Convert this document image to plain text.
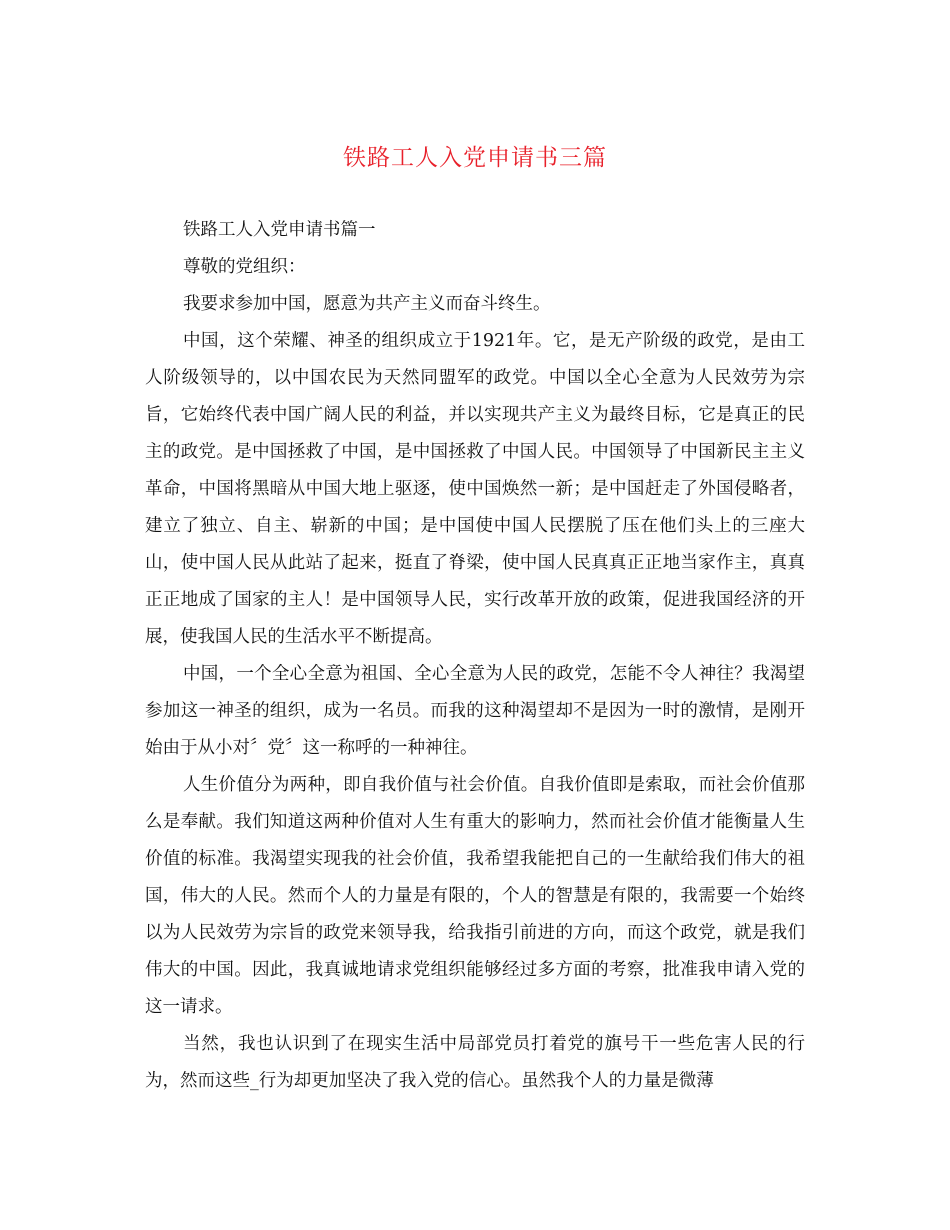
铁路工人入党申请书三篇

铁路工人入党申请书篇一

尊敬的党组织：

我要求参加中国，愿意为共产主义而奋斗终生。

中国，这个荣耀、神圣的组织成立于1921年。它，是无产阶级的政党，是由工人阶级领导的，以中国农民为天然同盟军的政党。中国以全心全意为人民效劳为宗旨，它始终代表中国广阔人民的利益，并以实现共产主义为最终目标，它是真正的民主的政党。是中国拯救了中国，是中国拯救了中国人民。中国领导了中国新民主主义革命，中国将黑暗从中国大地上驱逐，使中国焕然一新；是中国赶走了外国侵略者，建立了独立、自主、崭新的中国；是中国使中国人民摆脱了压在他们头上的三座大山，使中国人民从此站了起来，挺直了脊梁，使中国人民真真正正地当家作主，真真正正地成了国家的主人！是中国领导人民，实行改革开放的政策，促进我国经济的开展，使我国人民的生活水平不断提高。

中国，一个全心全意为祖国、全心全意为人民的政党，怎能不令人神往？我渴望参加这一神圣的组织，成为一名员。而我的这种渴望却不是因为一时的激情，是刚开始由于从小对〞党〞这一称呼的一种神往。

人生价值分为两种，即自我价值与社会价值。自我价值即是索取，而社会价值那么是奉献。我们知道这两种价值对人生有重大的影响力，然而社会价值才能衡量人生价值的标准。我渴望实现我的社会价值，我希望我能把自己的一生献给我们伟大的祖国，伟大的人民。然而个人的力量是有限的，个人的智慧是有限的，我需要一个始终以为人民效劳为宗旨的政党来领导我，给我指引前进的方向，而这个政党，就是我们伟大的中国。因此，我真诚地请求党组织能够经过多方面的考察，批准我申请入党的这一请求。

当然，我也认识到了在现实生活中局部党员打着党的旗号干一些危害人民的行为，然而这些_行为却更加坚决了我入党的信心。虽然我个人的力量是微薄
